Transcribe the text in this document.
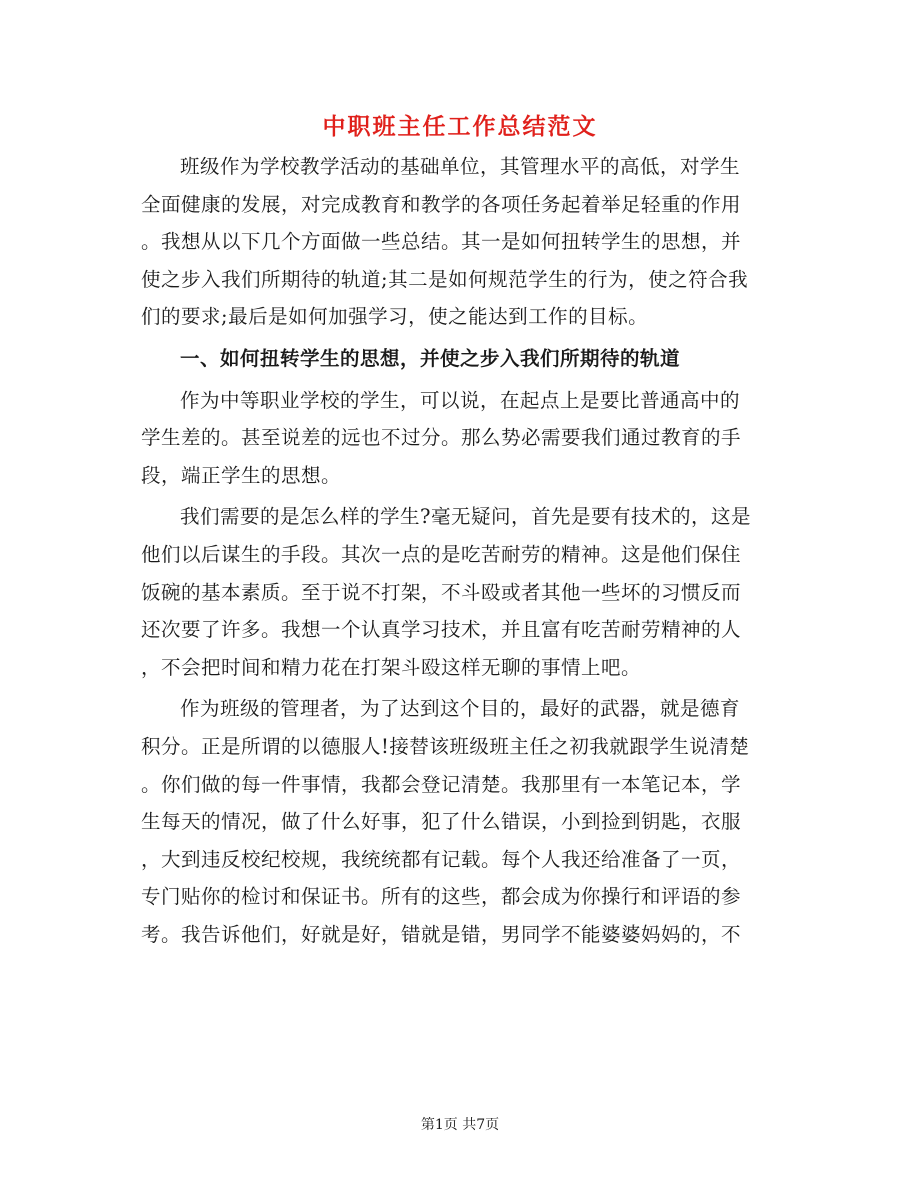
中职班主任工作总结范文
班级作为学校教学活动的基础单位，其管理水平的高低，对学生
全面健康的发展，对完成教育和教学的各项任务起着举足轻重的作用
。我想从以下几个方面做一些总结。其一是如何扭转学生的思想，并
使之步入我们所期待的轨道;其二是如何规范学生的行为，使之符合我
们的要求;最后是如何加强学习，使之能达到工作的目标。
一、如何扭转学生的思想，并使之步入我们所期待的轨道
作为中等职业学校的学生，可以说，在起点上是要比普通高中的
学生差的。甚至说差的远也不过分。那么势必需要我们通过教育的手
段，端正学生的思想。
我们需要的是怎么样的学生?毫无疑问，首先是要有技术的，这是
他们以后谋生的手段。其次一点的是吃苦耐劳的精神。这是他们保住
饭碗的基本素质。至于说不打架，不斗殴或者其他一些坏的习惯反而
还次要了许多。我想一个认真学习技术，并且富有吃苦耐劳精神的人
，不会把时间和精力花在打架斗殴这样无聊的事情上吧。
作为班级的管理者，为了达到这个目的，最好的武器，就是德育
积分。正是所谓的以德服人!接替该班级班主任之初我就跟学生说清楚
。你们做的每一件事情，我都会登记清楚。我那里有一本笔记本，学
生每天的情况，做了什么好事，犯了什么错误，小到捡到钥匙，衣服
，大到违反校纪校规，我统统都有记载。每个人我还给准备了一页，
专门贴你的检讨和保证书。所有的这些，都会成为你操行和评语的参
考。我告诉他们，好就是好，错就是错，男同学不能婆婆妈妈的，不
第1页 共7页
